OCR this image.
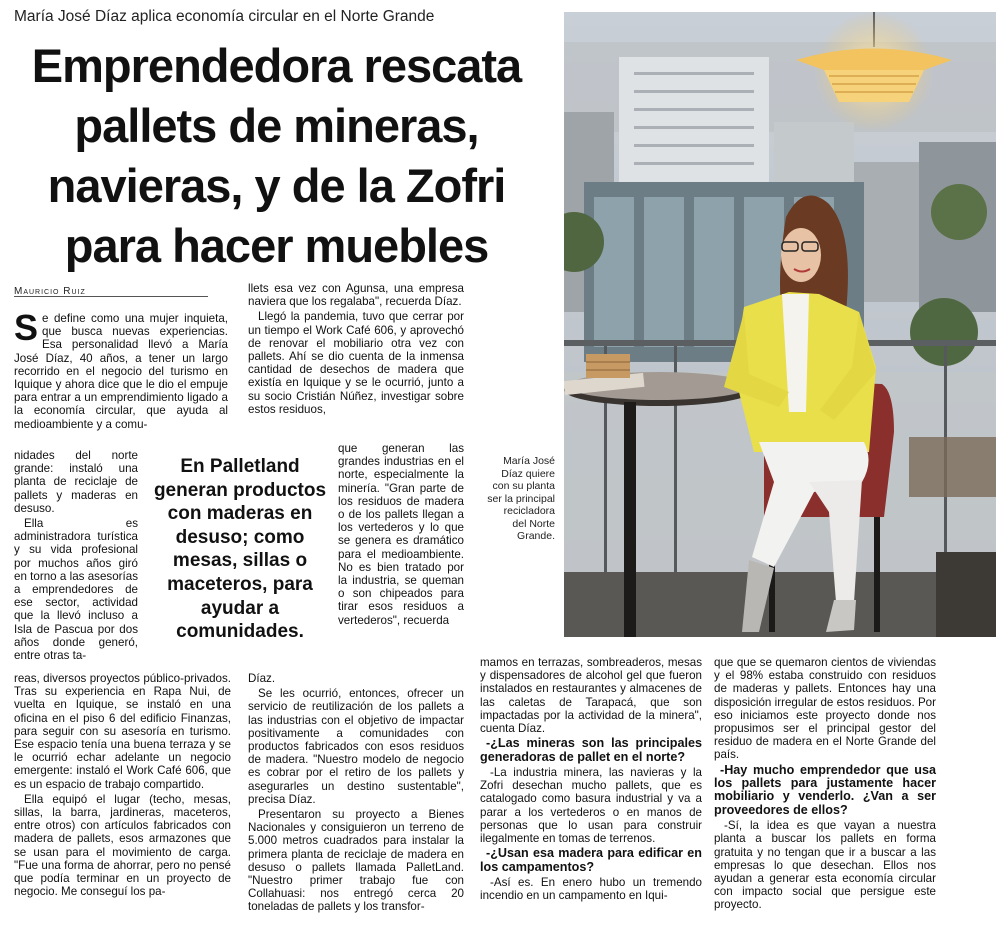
María José Díaz aplica economía circular en el Norte Grande
Emprendedora rescata
pallets de mineras,
navieras, y de la Zofri
para hacer muebles
Mauricio Ruiz

Se define como una mujer inquieta, que busca nuevas experiencias. Esa personalidad llevó a María José Díaz, 40 años, a tener un largo recorrido en el negocio del turismo en Iquique y ahora dice que le dio el empuje para entrar a un emprendimiento ligado a la economía circular, que ayuda al medioambiente y a comu-

nidades del norte grande: instaló una planta de reciclaje de pallets y maderas en desuso.

Ella es administradora turística y su vida profesional por muchos años giró en torno a las asesorías a emprendedores de ese sector, actividad que la llevó incluso a Isla de Pascua por dos años donde generó, entre otras ta-

reas, diversos proyectos público-privados. Tras su experiencia en Rapa Nui, de vuelta en Iquique, se instaló en una oficina en el piso 6 del edificio Finanzas, para seguir con su asesoría en turismo. Ese espacio tenía una buena terraza y se le ocurrió echar adelante un negocio emergente: instaló el Work Café 606, que es un espacio de trabajo compartido.

Ella equipó el lugar (techo, mesas, sillas, la barra, jardineras, maceteros, entre otros) con artículos fabricados con madera de pallets, esos armazones que se usan para el movimiento de carga. "Fue una forma de ahorrar, pero no pensé que podía terminar en un proyecto de negocio. Me conseguí los pa-

llets esa vez con Agunsa, una empresa naviera que los regalaba", recuerda Díaz.

Llegó la pandemia, tuvo que cerrar por un tiempo el Work Café 606, y aprovechó de renovar el mobiliario otra vez con pallets. Ahí se dio cuenta de la inmensa cantidad de desechos de madera que existía en Iquique y se le ocurrió, junto a su socio Cristián Núñez, investigar sobre estos residuos,

que generan las grandes industrias en el norte, especialmente la minería. "Gran parte de los residuos de madera o de los pallets llegan a los vertederos y lo que se genera es dramático para el medioambiente. No es bien tratado por la industria, se queman o son chipeados para tirar esos residuos a vertederos", recuerda

Díaz.

Se les ocurrió, entonces, ofrecer un servicio de reutilización de los pallets a las industrias con el objetivo de impactar positivamente a comunidades con productos fabricados con esos residuos de madera. "Nuestro modelo de negocio es cobrar por el retiro de los pallets y asegurarles un destino sustentable", precisa Díaz.

Presentaron su proyecto a Bienes Nacionales y consiguieron un terreno de 5.000 metros cuadrados para instalar la primera planta de reciclaje de madera en desuso o pallets llamada PalletLand. "Nuestro primer trabajo fue con Collahuasi: nos entregó cerca 20 toneladas de pallets y los transfor-

En Palletland generan productos con maderas en desuso; como mesas, sillas o maceteros, para ayudar a comunidades.
María José Díaz quiere con su planta ser la principal recicladora del Norte Grande.

mamos en terrazas, sombreaderos, mesas y dispensadores de alcohol gel que fueron instalados en restaurantes y almacenes de las caletas de Tarapacá, que son impactadas por la actividad de la minera", cuenta Díaz.

-¿Las mineras son las principales generadoras de pallet en el norte?

-La industria minera, las navieras y la Zofri desechan mucho pallets, que es catalogado como basura industrial y va a parar a los vertederos o en manos de personas que lo usan para construir ilegalmente en tomas de terrenos.

-¿Usan esa madera para edificar en los campamentos?

-Así es. En enero hubo un tremendo incendio en un campamento en Iqui-

que que se quemaron cientos de viviendas y el 98% estaba construido con residuos de maderas y pallets. Entonces hay una disposición irregular de estos residuos. Por eso iniciamos este proyecto donde nos propusimos ser el principal gestor del residuo de madera en el Norte Grande del país.

-Hay mucho emprendedor que usa los pallets para justamente hacer mobiliario y venderlo. ¿Van a ser proveedores de ellos?

-Sí, la idea es que vayan a nuestra planta a buscar los pallets en forma gratuita y no tengan que ir a buscar a las empresas lo que desechan. Ellos nos ayudan a generar esta economía circular con impacto social que persigue este proyecto.
